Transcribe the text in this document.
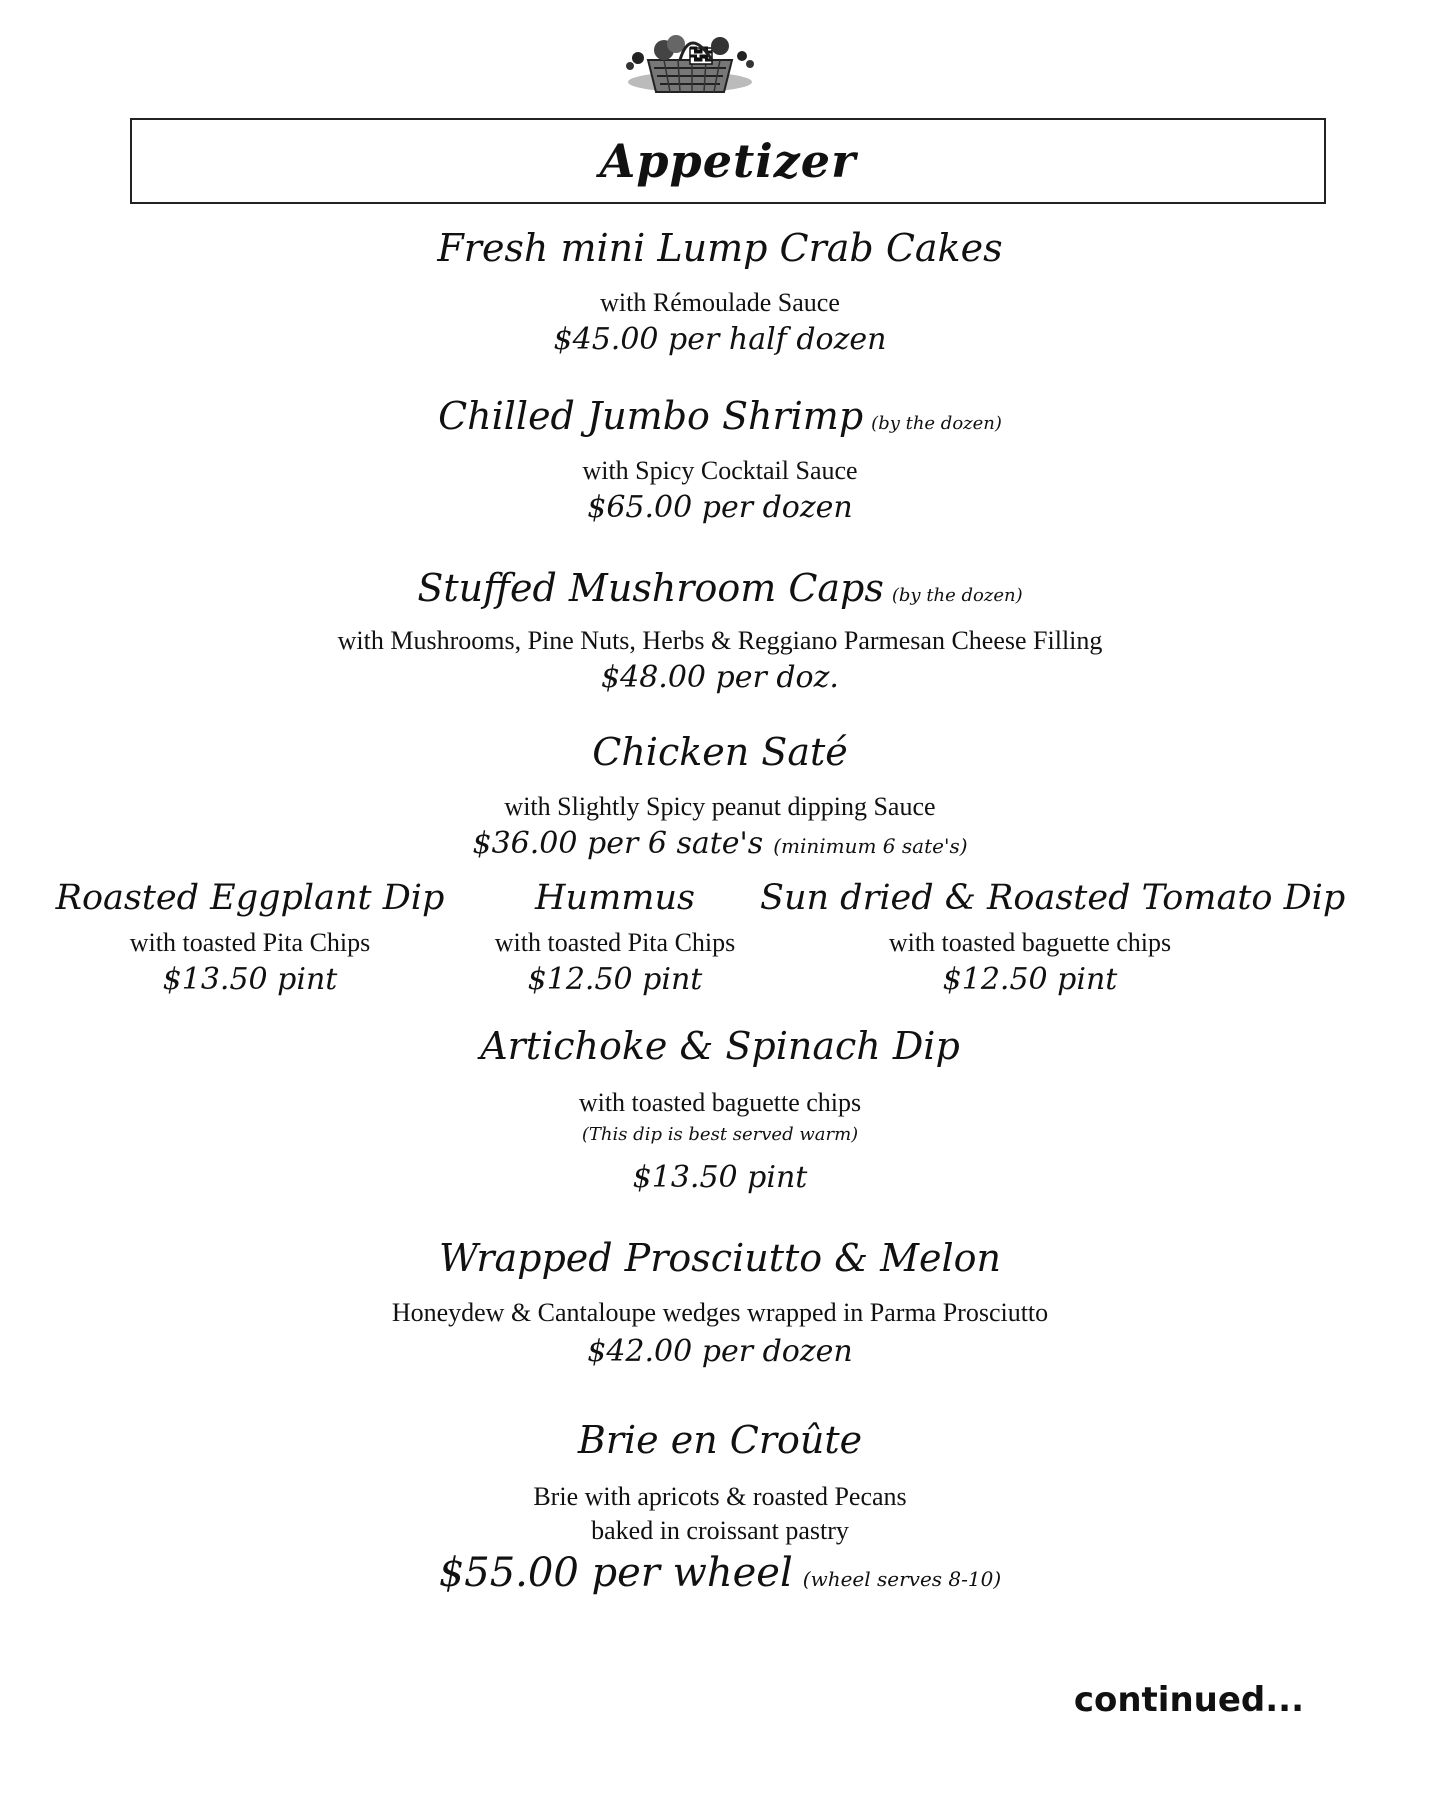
Appetizer
Fresh mini Lump Crab Cakes
with Rémoulade Sauce
$45.00 per half dozen
Chilled Jumbo Shrimp (by the dozen)
with Spicy Cocktail Sauce
$65.00 per dozen
Stuffed Mushroom Caps (by the dozen)
with Mushrooms, Pine Nuts, Herbs & Reggiano Parmesan Cheese Filling
$48.00 per doz.
Chicken Saté
with Slightly Spicy peanut dipping Sauce
$36.00 per 6 sate's (minimum 6 sate's)
Roasted Eggplant Dip
with toasted Pita Chips
$13.50 pint
Hummus
with toasted Pita Chips
$12.50 pint
Sun dried & Roasted Tomato Dip
with toasted baguette chips
$12.50 pint
Artichoke & Spinach Dip
with toasted baguette chips
(This dip is best served warm)
$13.50 pint
Wrapped Prosciutto & Melon
Honeydew & Cantaloupe wedges wrapped in Parma Prosciutto
$42.00 per dozen
Brie en Croûte
Brie with apricots & roasted Pecans
baked in croissant pastry
$55.00 per wheel (wheel serves 8-10)
continued...
